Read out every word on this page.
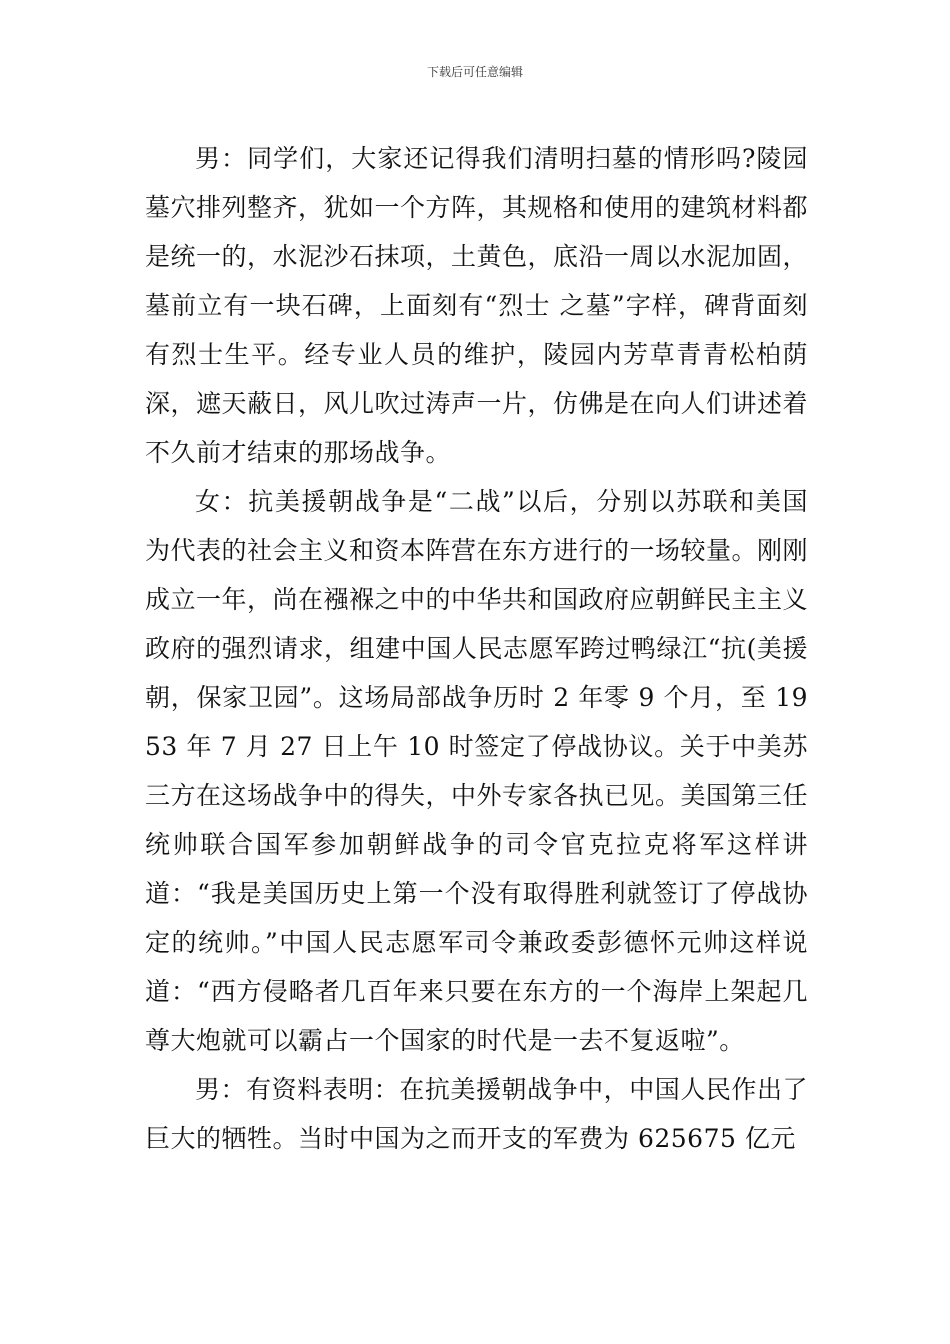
下载后可任意编辑

男：同学们，大家还记得我们清明扫墓的情形吗?陵园墓穴排列整齐，犹如一个方阵，其规格和使用的建筑材料都是统一的，水泥沙石抹项，土黄色，底沿一周以水泥加固，墓前立有一块石碑，上面刻有“烈士 之墓”字样，碑背面刻有烈士生平。经专业人员的维护，陵园内芳草青青松柏荫深，遮天蔽日，风儿吹过涛声一片，仿佛是在向人们讲述着不久前才结束的那场战争。

女：抗美援朝战争是“二战”以后，分别以苏联和美国为代表的社会主义和资本阵营在东方进行的一场较量。刚刚成立一年，尚在襁褓之中的中华共和国政府应朝鲜民主主义政府的强烈请求，组建中国人民志愿军跨过鸭绿江“抗(美援朝，保家卫园”。这场局部战争历时 2 年零 9 个月，至 1953 年 7 月 27 日上午 10 时签定了停战协议。关于中美苏三方在这场战争中的得失，中外专家各执已见。美国第三任统帅联合国军参加朝鲜战争的司令官克拉克将军这样讲道：“我是美国历史上第一个没有取得胜利就签订了停战协定的统帅。”中国人民志愿军司令兼政委彭德怀元帅这样说道：“西方侵略者几百年来只要在东方的一个海岸上架起几尊大炮就可以霸占一个国家的时代是一去不复返啦”。

男：有资料表明：在抗美援朝战争中，中国人民作出了巨大的牺牲。当时中国为之而开支的军费为 625675 亿元
